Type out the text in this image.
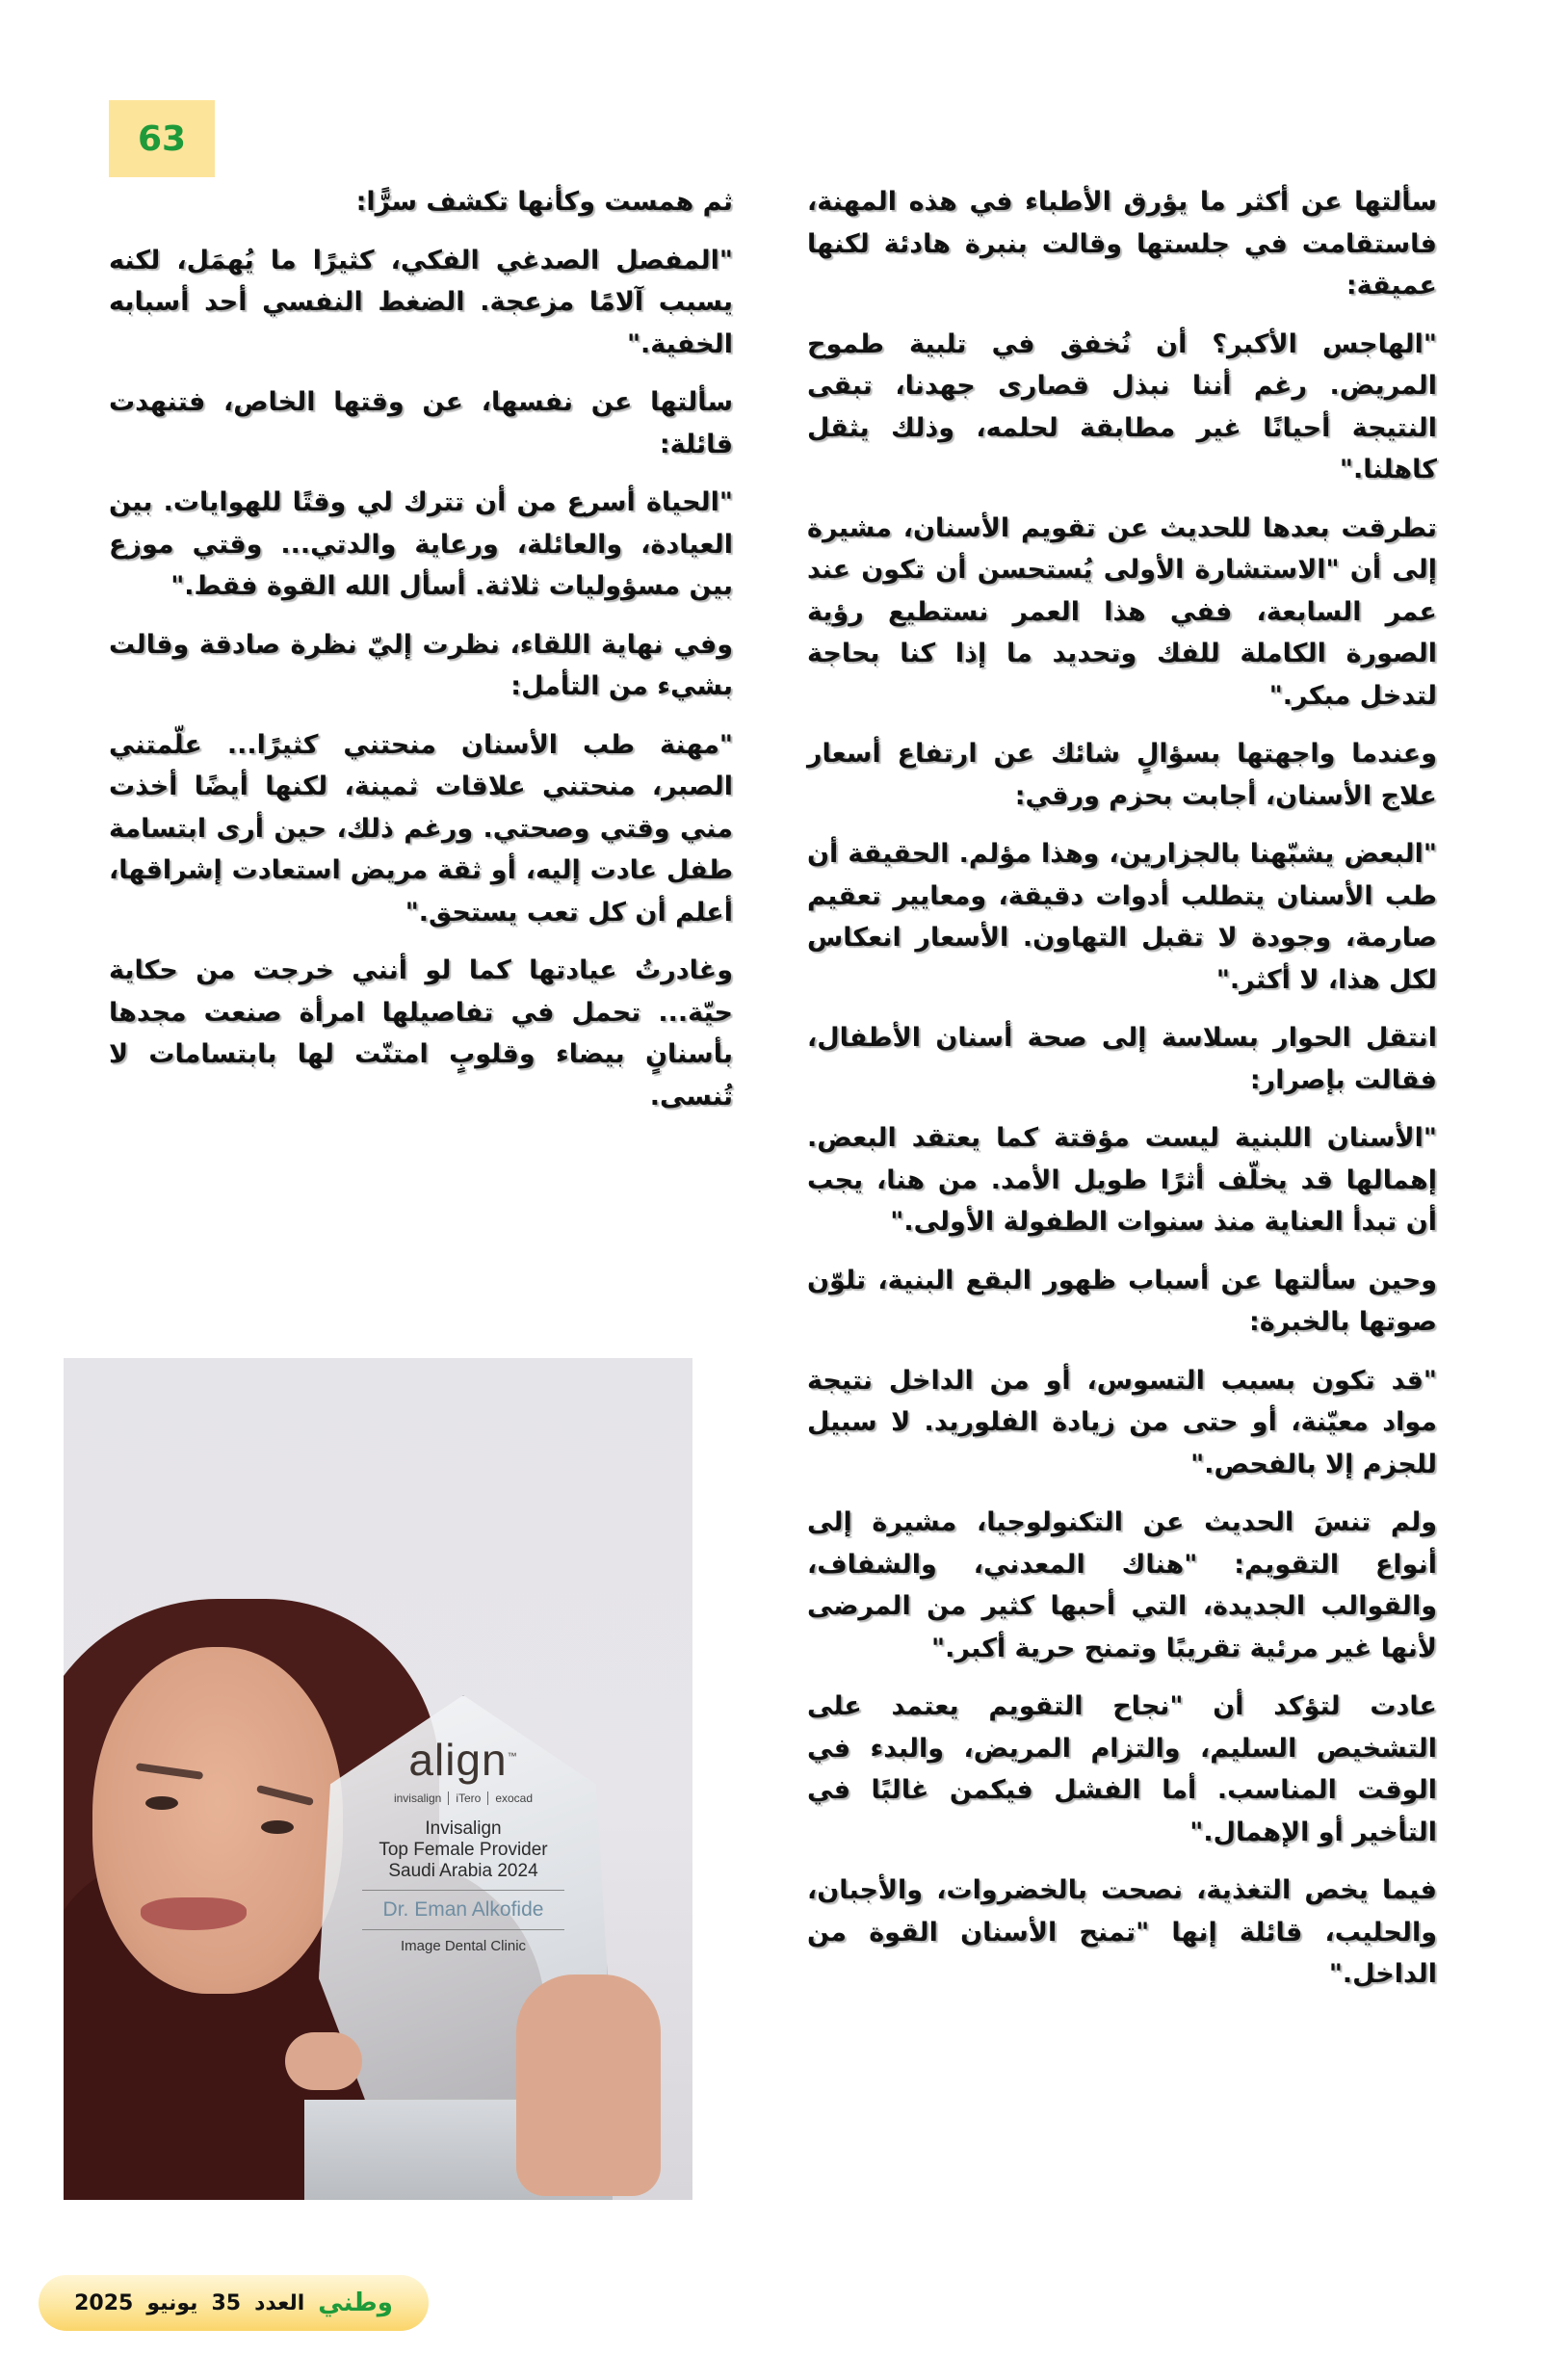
63

سألتها عن أكثر ما يؤرق الأطباء في هذه المهنة، فاستقامت في جلستها وقالت بنبرة هادئة لكنها عميقة:

"الهاجس الأكبر؟ أن نُخفق في تلبية طموح المريض. رغم أننا نبذل قصارى جهدنا، تبقى النتيجة أحيانًا غير مطابقة لحلمه، وذلك يثقل كاهلنا."

تطرقت بعدها للحديث عن تقويم الأسنان، مشيرة إلى أن "الاستشارة الأولى يُستحسن أن تكون عند عمر السابعة، ففي هذا العمر نستطيع رؤية الصورة الكاملة للفك وتحديد ما إذا كنا بحاجة لتدخل مبكر."

وعندما واجهتها بسؤالٍ شائك عن ارتفاع أسعار علاج الأسنان، أجابت بحزم ورقي:

"البعض يشبّهنا بالجزارين، وهذا مؤلم. الحقيقة أن طب الأسنان يتطلب أدوات دقيقة، ومعايير تعقيم صارمة، وجودة لا تقبل التهاون. الأسعار انعكاس لكل هذا، لا أكثر."

انتقل الحوار بسلاسة إلى صحة أسنان الأطفال، فقالت بإصرار:

"الأسنان اللبنية ليست مؤقتة كما يعتقد البعض. إهمالها قد يخلّف أثرًا طويل الأمد. من هنا، يجب أن تبدأ العناية منذ سنوات الطفولة الأولى."

وحين سألتها عن أسباب ظهور البقع البنية، تلوّن صوتها بالخبرة:

"قد تكون بسبب التسوس، أو من الداخل نتيجة مواد معيّنة، أو حتى من زيادة الفلوريد. لا سبيل للجزم إلا بالفحص."

ولم تنسَ الحديث عن التكنولوجيا، مشيرة إلى أنواع التقويم: "هناك المعدني، والشفاف، والقوالب الجديدة، التي أحبها كثير من المرضى لأنها غير مرئية تقريبًا وتمنح حرية أكبر."

عادت لتؤكد أن "نجاح التقويم يعتمد على التشخيص السليم، والتزام المريض، والبدء في الوقت المناسب. أما الفشل فيكمن غالبًا في التأخير أو الإهمال."

فيما يخص التغذية، نصحت بالخضروات، والأجبان، والحليب، قائلة إنها "تمنح الأسنان القوة من الداخل."

ثم همست وكأنها تكشف سرًّا:

"المفصل الصدغي الفكي، كثيرًا ما يُهمَل، لكنه يسبب آلامًا مزعجة. الضغط النفسي أحد أسبابه الخفية."

سألتها عن نفسها، عن وقتها الخاص، فتنهدت قائلة:

"الحياة أسرع من أن تترك لي وقتًا للهوايات. بين العيادة، والعائلة، ورعاية والدتي... وقتي موزع بين مسؤوليات ثلاثة. أسأل الله القوة فقط."

وفي نهاية اللقاء، نظرت إليّ نظرة صادقة وقالت بشيء من التأمل:

"مهنة طب الأسنان منحتني كثيرًا... علّمتني الصبر، منحتني علاقات ثمينة، لكنها أيضًا أخذت مني وقتي وصحتي. ورغم ذلك، حين أرى ابتسامة طفل عادت إليه، أو ثقة مريض استعادت إشراقها، أعلم أن كل تعب يستحق."

وغادرتُ عيادتها كما لو أنني خرجت من حكاية حيّة... تحمل في تفاصيلها امرأة صنعت مجدها بأسنانٍ بيضاء وقلوبٍ امتنّت لها بابتسامات لا تُنسى.

align™
invisalign iTero exocad
Invisalign
Top Female Provider
Saudi Arabia 2024
Dr. Eman Alkofide
Image Dental Clinic
وطني
العدد
35
يونيو
2025
